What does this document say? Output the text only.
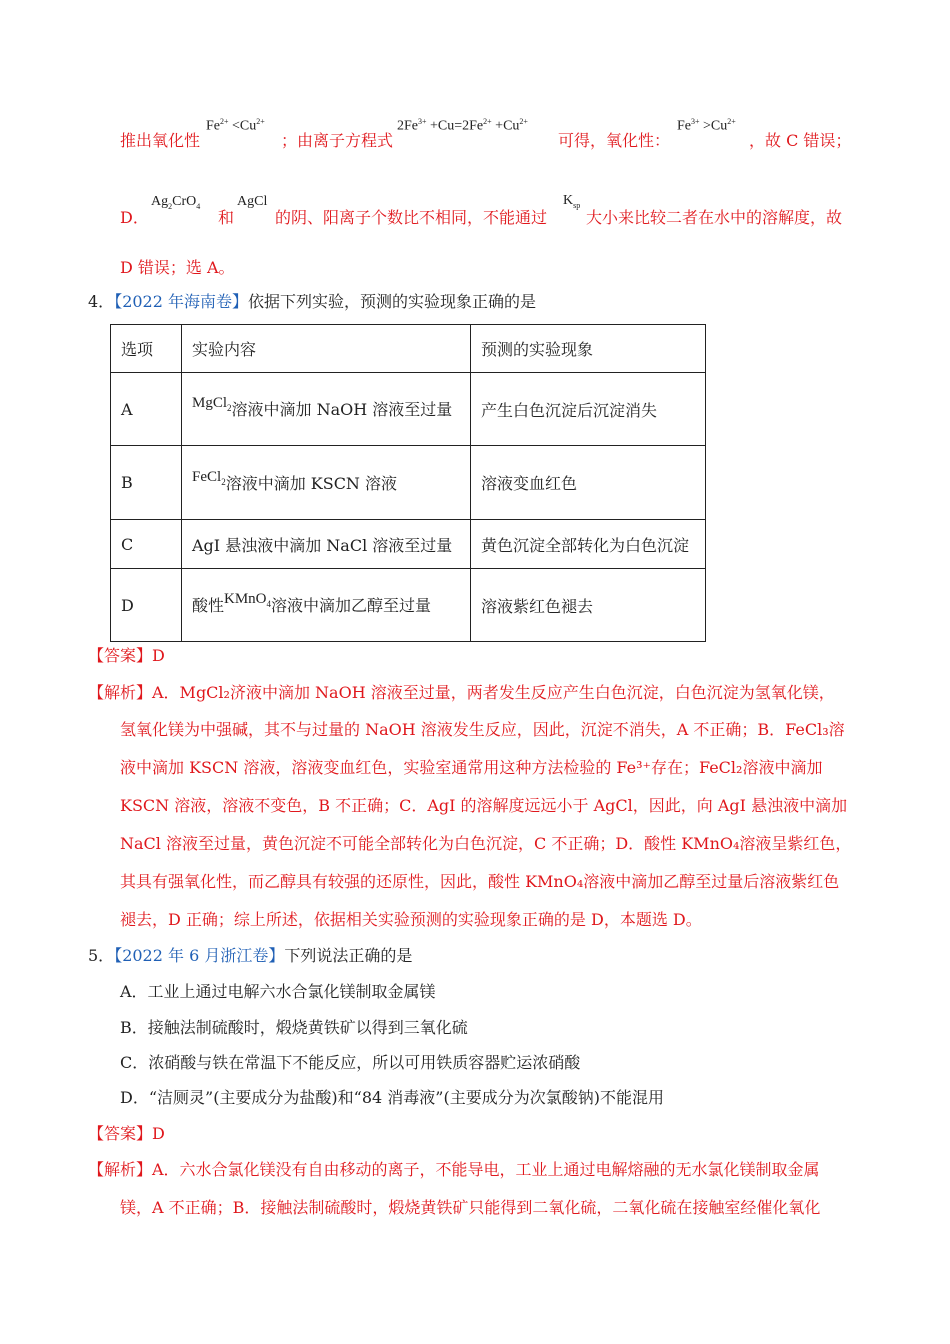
推出氧化性
$Fe^{2+} <Cu^{2+}$
；由离子方程式
$2Fe^{3+} +Cu=2Fe^{2+} +Cu^{2+}$
可得，氧化性：
$Fe^{3+} >Cu^{2+}$
，故 C 错误；
D．
$Ag_2CrO_4$
和
AgCl
的阴、阳离子个数比不相同，不能通过
$K_{sp}$
大小来比较二者在水中的溶解度，故
D 错误；选 A。
4．【2022 年海南卷】依据下列实验，预测的实验现象正确的是
选项	实验内容	预测的实验现象
A	MgCl$_2$溶液中滴加 NaOH 溶液至过量	产生白色沉淀后沉淀消失
B	FeCl$_2$溶液中滴加 KSCN 溶液	溶液变血红色
C	AgI 悬浊液中滴加 NaCl 溶液至过量	黄色沉淀全部转化为白色沉淀
D	酸性KMnO$_4$溶液中滴加乙醇至过量	溶液紫红色褪去
【答案】D
【解析】 A．MgCl₂济液中滴加 NaOH 溶液至过量，两者发生反应产生白色沉淀，白色沉淀为氢氧化镁，
氢氧化镁为中强碱，其不与过量的 NaOH 溶液发生反应，因此，沉淀不消失，A 不正确；B．FeCl₃溶
液中滴加 KSCN 溶液，溶液变血红色，实验室通常用这种方法检验的 Fe³⁺存在；FeCl₂溶液中滴加
KSCN 溶液，溶液不变色，B 不正确；C．AgI 的溶解度远远小于 AgCl，因此，向 AgI 悬浊液中滴加
NaCl 溶液至过量，黄色沉淀不可能全部转化为白色沉淀，C 不正确；D．酸性 KMnO₄溶液呈紫红色，
其具有强氧化性，而乙醇具有较强的还原性，因此，酸性 KMnO₄溶液中滴加乙醇至过量后溶液紫红色
褪去，D 正确；综上所述，依据相关实验预测的实验现象正确的是 D，本题选 D。
5．【2022 年 6 月浙江卷】下列说法正确的是
A．工业上通过电解六水合氯化镁制取金属镁
B．接触法制硫酸时，煅烧黄铁矿以得到三氧化硫
C．浓硝酸与铁在常温下不能反应，所以可用铁质容器贮运浓硝酸
D．“洁厕灵”(主要成分为盐酸)和“84 消毒液”(主要成分为次氯酸钠)不能混用
【答案】D
【解析】 A．六水合氯化镁没有自由移动的离子，不能导电，工业上通过电解熔融的无水氯化镁制取金属
镁，A 不正确；B．接触法制硫酸时，煅烧黄铁矿只能得到二氧化硫，二氧化硫在接触室经催化氧化
